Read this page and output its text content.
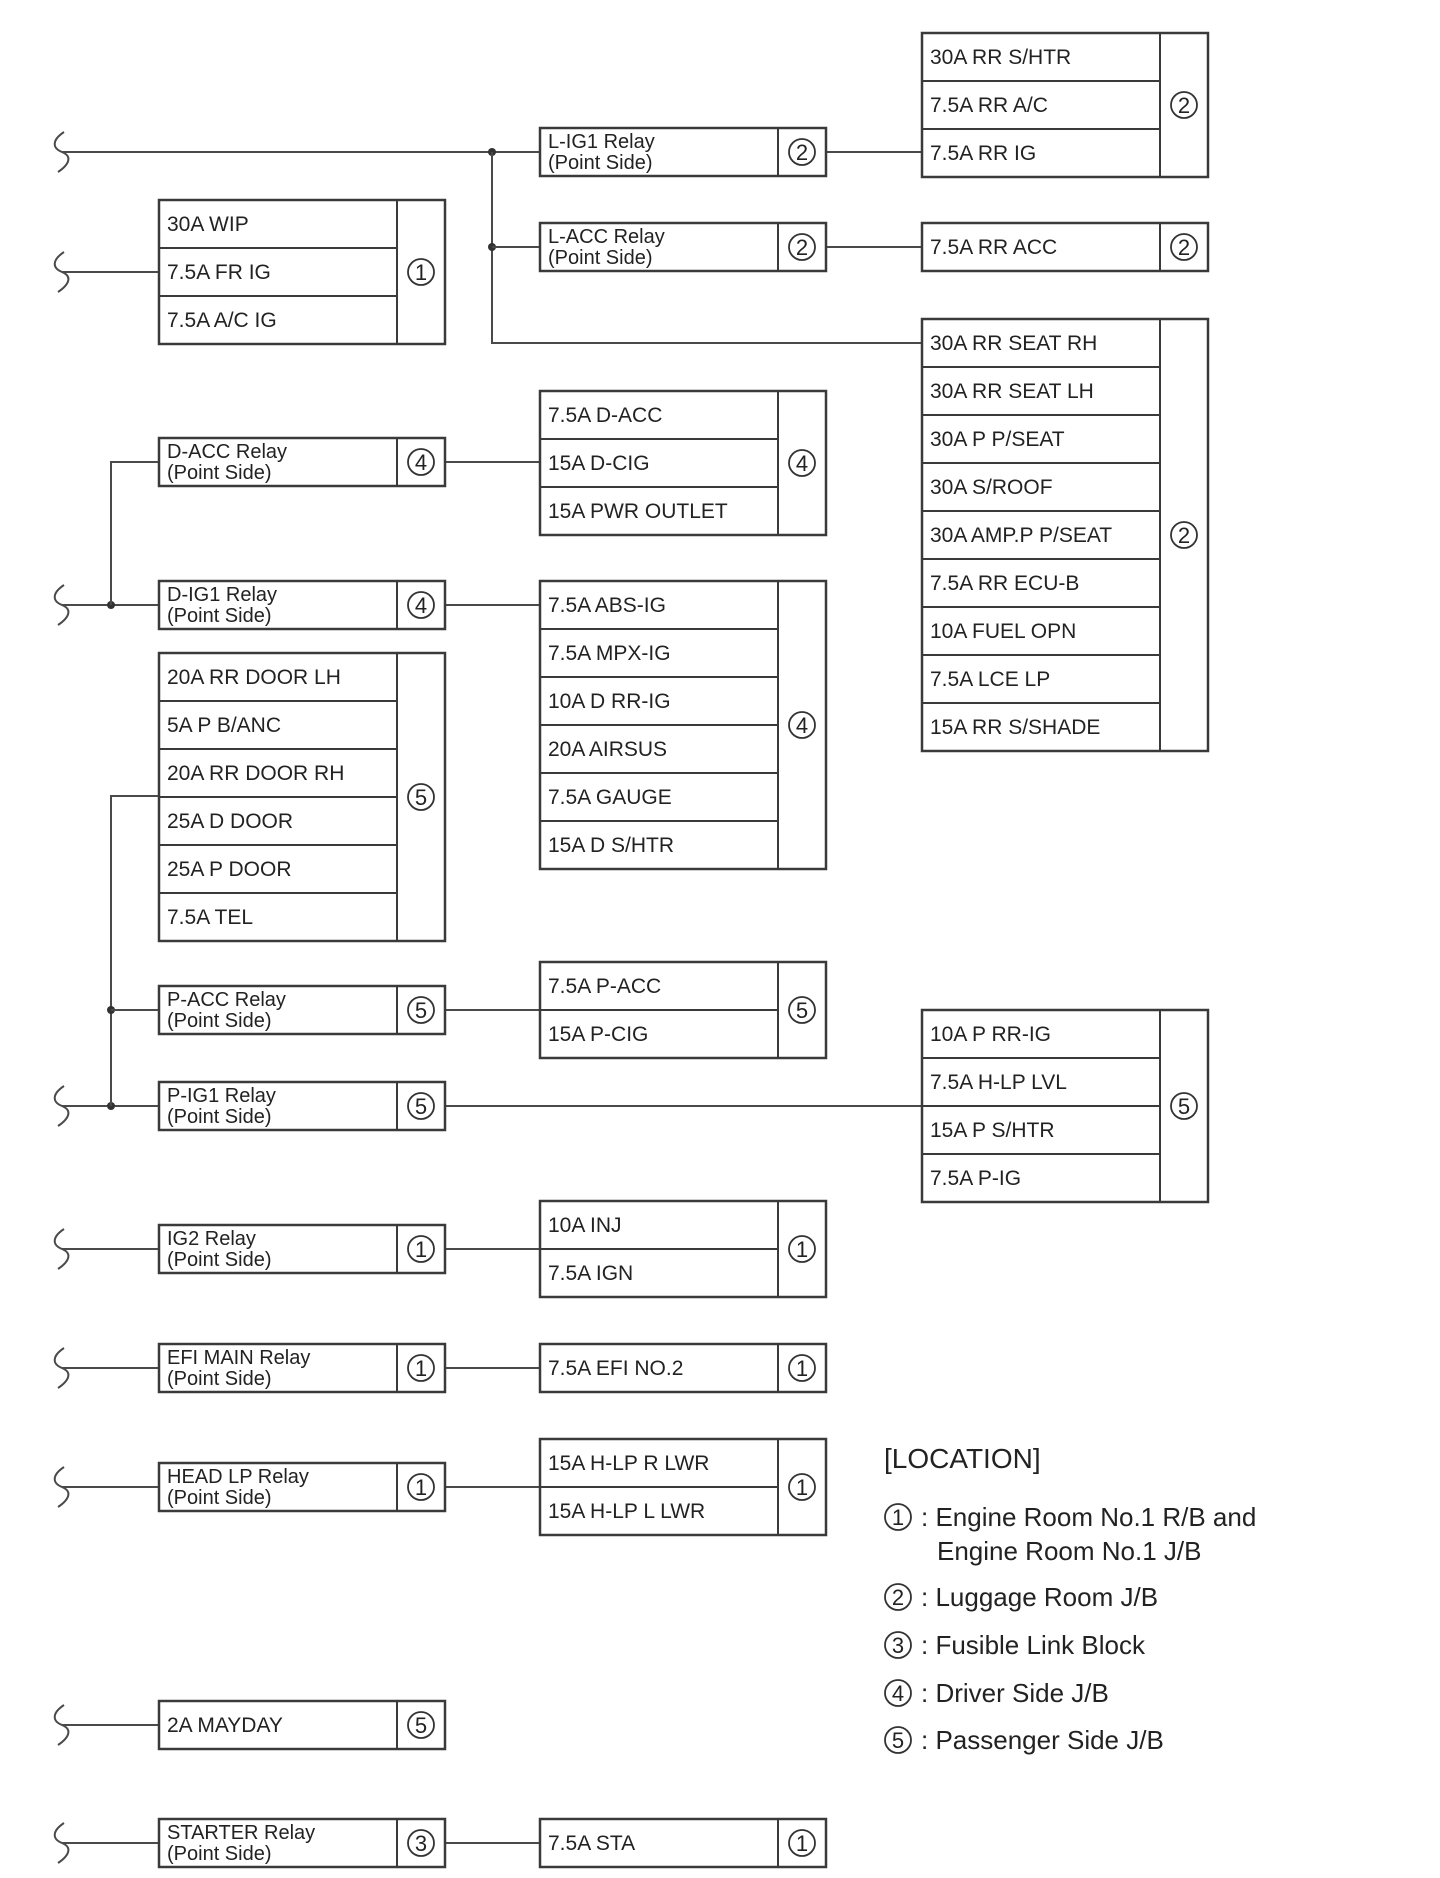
L-IG1 Relay
(Point Side)	2
30A RR S/HTR
7.5A RR A/C
7.5A RR IG
2
L-ACC Relay
(Point Side)	2	7.5A RR ACC	2
30A RR SEAT RH
30A RR SEAT LH
30A P P/SEAT
30A S/ROOF
30A AMP.P P/SEAT
7.5A RR ECU-B
10A FUEL OPN
7.5A LCE LP
15A RR S/SHADE
2
30A WIP
7.5A FR IG
7.5A A/C IG
1
D-ACC Relay
(Point Side)	4
7.5A D-ACC
15A D-CIG
15A PWR OUTLET
4
D-IG1 Relay
(Point Side)	4	7.5A ABS-IG
7.5A MPX-IG
10A D RR-IG
20A AIRSUS
7.5A GAUGE
15A D S/HTR
4
20A RR DOOR LH
5A P B/ANC
20A RR DOOR RH
25A D DOOR
25A P DOOR
7.5A TEL
5
P-ACC Relay
(Point Side)	5
7.5A P-ACC
15A P-CIG
5
P-IG1 Relay
(Point Side)	5
10A P RR-IG
7.5A H-LP LVL
15A P S/HTR
7.5A P-IG
5
IG2 Relay
(Point Side)	1
10A INJ
7.5A IGN
1
EFI MAIN Relay
(Point Side)	1	7.5A EFI NO.2	1
HEAD LP Relay
(Point Side)	1
15A H-LP R LWR
15A H-LP L LWR
1
2A MAYDAY	5
STARTER Relay
(Point Side)	3	7.5A STA	1
[LOCATION]
1 : Engine Room No.1 R/B and
Engine Room No.1 J/B
2 : Luggage Room J/B
3 : Fusible Link Block
4 : Driver Side J/B
5 : Passenger Side J/B
